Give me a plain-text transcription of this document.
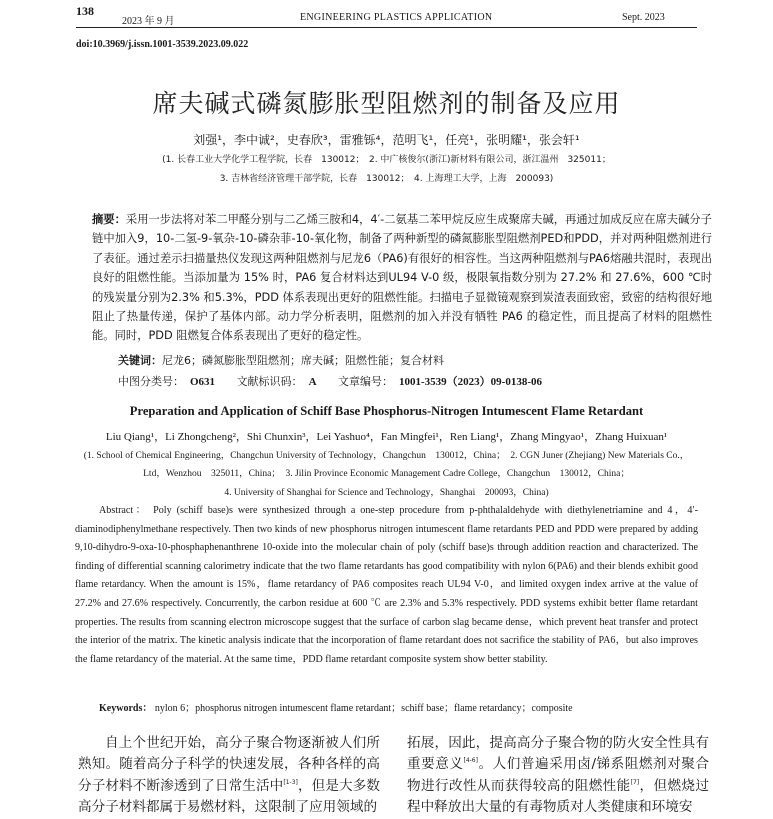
138
2023 年 9 月	ENGINEERING PLASTICS APPLICATION	Sept. 2023
doi:10.3969/j.issn.1001-3539.2023.09.022
席夫碱式磷氮膨胀型阻燃剂的制备及应用
刘强¹，李中诚²，史春欣³，雷雅铄⁴，范明飞¹，任亮¹，张明耀¹，张会轩¹
(1. 长春工业大学化学工程学院，长春　130012；　2. 中广核俊尔(浙江)新材料有限公司，浙江温州　325011；
3. 吉林省经济管理干部学院，长春　130012；　4. 上海理工大学，上海　200093)
摘要：采用一步法将对苯二甲醛分别与二乙烯三胺和4，4′-二氨基二苯甲烷反应生成聚席夫碱，再通过加成反应在席夫碱分子链中加入9，10-二氢-9-氧杂-10-磷杂菲-10-氧化物，制备了两种新型的磷氮膨胀型阻燃剂PED和PDD，并对两种阻燃剂进行了表征。通过差示扫描量热仪发现这两种阻燃剂与尼龙6（PA6)有很好的相容性。当这两种阻燃剂与PA6熔融共混时，表现出良好的阻燃性能。当添加量为 15% 时，PA6 复合材料达到UL94 V-0 级，极限氧指数分别为 27.2% 和 27.6%，600 ℃时的残炭量分别为2.3% 和5.3%，PDD 体系表现出更好的阻燃性能。扫描电子显微镜观察到炭渣表面致密，致密的结构很好地阻止了热量传递，保护了基体内部。动力学分析表明，阻燃剂的加入并没有牺牲 PA6 的稳定性，而且提高了材料的阻燃性能。同时，PDD 阻燃复合体系表现出了更好的稳定性。
关键词：尼龙6；磷氮膨胀型阻燃剂；席夫碱；阻燃性能；复合材料
中图分类号： O631 文献标识码： A 文章编号： 1001-3539（2023）09-0138-06
Preparation and Application of Schiff Base Phosphorus-Nitrogen Intumescent Flame Retardant
Liu Qiang¹，Li Zhongcheng²，Shi Chunxin³，Lei Yashuo⁴，Fan Mingfei¹，Ren Liang¹，Zhang Mingyao¹，Zhang Huixuan¹
(1. School of Chemical Engineering，Changchun University of Technology，Changchun　130012，China；　2. CGN Juner (Zhejiang) New Materials Co.，
Ltd，Wenzhou　325011，China；　3. Jilin Province Economic Management Cadre College，Changchun　130012，China；
4. University of Shanghai for Science and Technology，Shanghai　200093，China)

Abstract： Poly (schiff base)s were synthesized through a one-step procedure from p-phthalaldehyde with diethylenetriamine and 4，4′-diaminodiphenylmethane respectively. Then two kinds of new phosphorus nitrogen intumescent flame retardants PED and PDD were prepared by adding 9,10-dihydro-9-oxa-10-phosphaphenanthrene 10-oxide into the molecular chain of poly (schiff base)s through addition reaction and characterized. The finding of differential scanning calorimetry indicate that the two flame retardants has good compatibility with nylon 6(PA6) and their blends exhibit good flame retardancy. When the amount is 15%，flame retardancy of PA6 composites reach UL94 V-0，and limited oxygen index arrive at the value of 27.2% and 27.6% respectively. Concurrently, the carbon residue at 600 ℃ are 2.3% and 5.3% respectively. PDD systems exhibit better flame retardant properties. The results from scanning electron microscope suggest that the surface of carbon slag became dense，which prevent heat transfer and protect the interior of the matrix. The kinetic analysis indicate that the incorporation of flame retardant does not sacrifice the stability of PA6，but also improves the flame retardancy of the material. At the same time，PDD flame retardant composite system show better stability.

Keywords： nylon 6；phosphorus nitrogen intumescent flame retardant；schiff base；flame retardancy；composite

自上个世纪开始，高分子聚合物逐渐被人们所熟知。随着高分子科学的快速发展，各种各样的高分子材料不断渗透到了日常生活中[1-3]，但是大多数高分子材料都属于易燃材料，这限制了应用领域的

拓展，因此，提高高分子聚合物的防火安全性具有重要意义[4-6]。人们普遍采用卤/锑系阻燃剂对聚合物进行改性从而获得较高的阻燃性能[7]，但燃烧过程中释放出大量的有毒物质对人类健康和环境安
